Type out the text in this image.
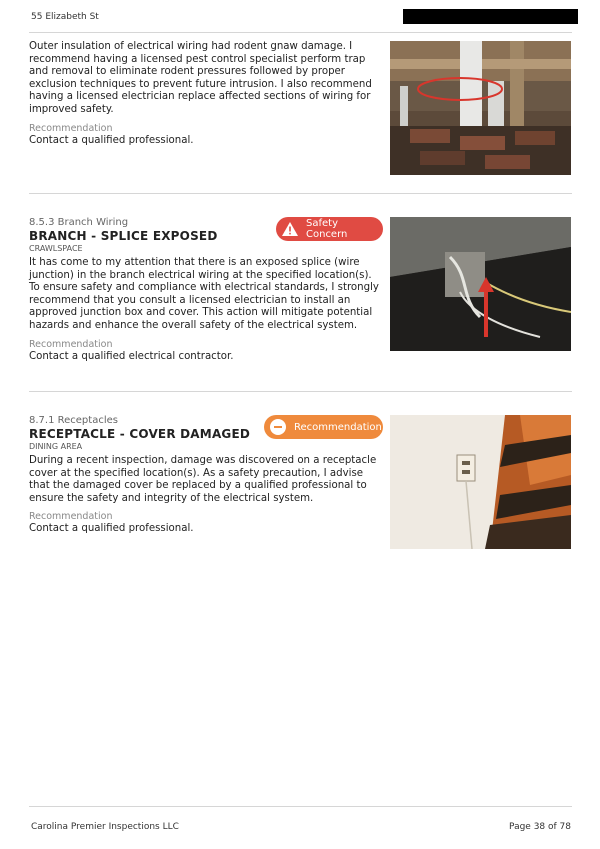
55 Elizabeth St

Outer insulation of electrical wiring had rodent gnaw damage. I recommend having a licensed pest control specialist perform trap and removal to eliminate rodent pressures followed by proper exclusion techniques to prevent future intrusion. I also recommend having a licensed electrician replace affected sections of wiring for improved safety.

Recommendation

Contact a qualified professional.

8.5.3 Branch Wiring

BRANCH - SPLICE EXPOSED

CRAWLSPACE

It has come to my attention that there is an exposed splice (wire junction) in the branch electrical wiring at the specified location(s). To ensure safety and compliance with electrical standards, I strongly recommend that you consult a licensed electrician to install an approved junction box and cover. This action will mitigate potential hazards and enhance the overall safety of the electrical system.

Recommendation

Contact a qualified electrical contractor.

Safety Concern

8.7.1 Receptacles

RECEPTACLE - COVER DAMAGED

DINING AREA

During a recent inspection, damage was discovered on a receptacle cover at the specified location(s). As a safety precaution, I advise that the damaged cover be replaced by a qualified professional to ensure the safety and integrity of the electrical system.

Recommendation

Contact a qualified professional.

Recommendation
Carolina Premier Inspections LLC	Page 38 of 78
